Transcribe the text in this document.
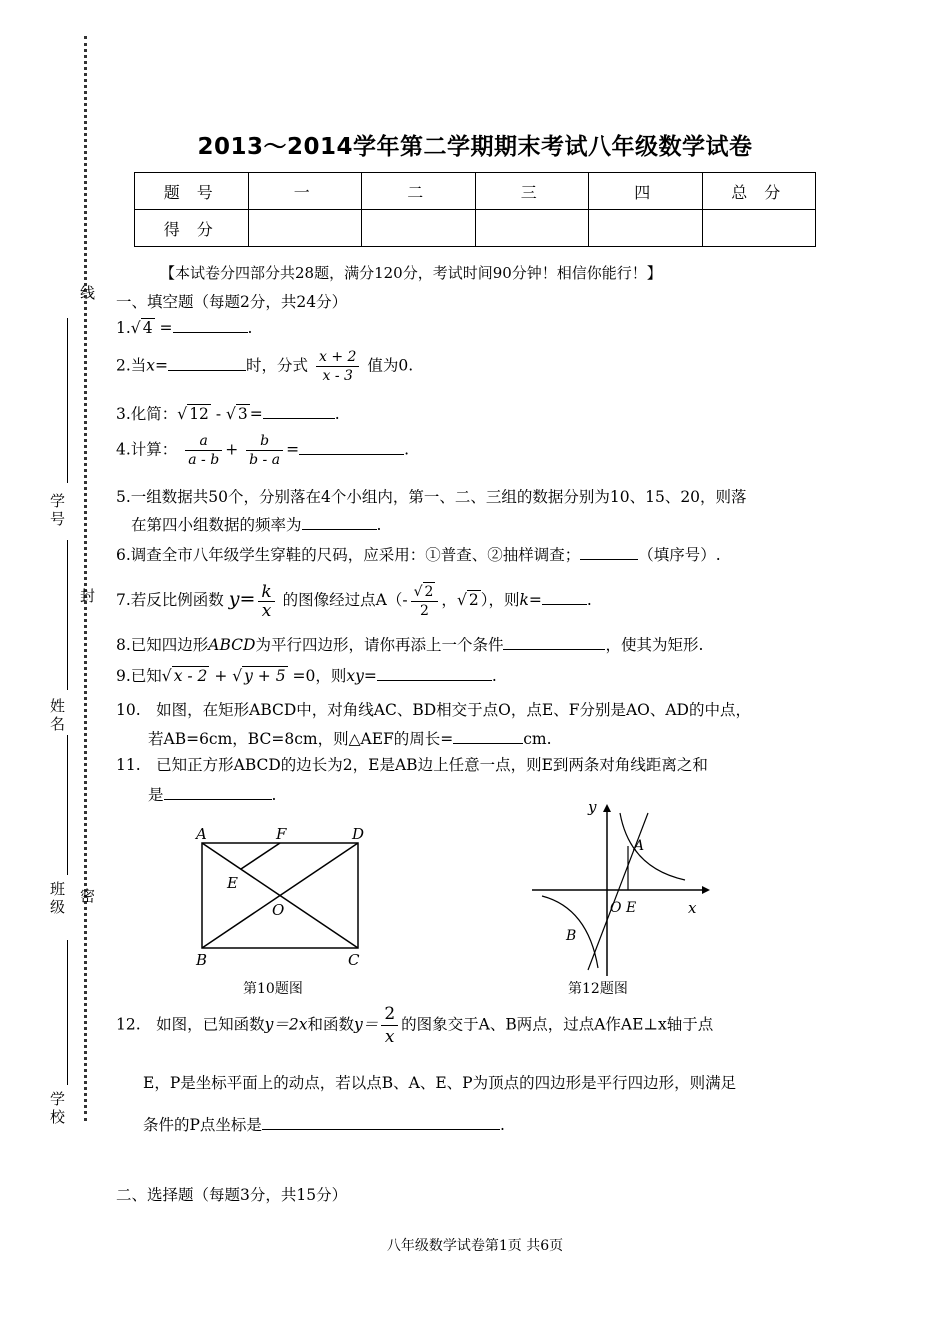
线
封
密
学号
姓名
班级
学校
2013～2014学年第二学期期末考试八年级数学试卷
题 号	一	二	三	四	总 分
得 分					
【本试卷分四部分共28题，满分120分，考试时间90分钟！相信你能行！】
一、填空题（每题2分，共24分）
1.√ 4 =	.
2.当x=	时，分式 $\frac{x + 2}{x - 3}$ 值为0.
3.化简：√ 12 - √ 3 =	.
4.计算： $\frac{a}{a - b} + \frac{b}{b - a}$ =	.
5.一组数据共50个，分别落在4个小组内，第一、二、三组的数据分别为10、15、20，则落
在第四小组数据的频率为	.
6.调查全市八年级学生穿鞋的尺码，应采用：①普查、②抽样调查；	（填序号）.
7.若反比例函数 $y= \frac{k}{x}$ 的图像经过点$A(- \frac{√ 2}{2}$ ，√ 2 ），则k=	.
8.已知四边形ABCD为平行四边形，请你再添上一个条件	，使其为矩形.
9.已知√ x - 2 + √ y + 5 =0，则xy=	.
10.　如图，在矩形ABCD中，对角线AC、BD相交于点O，点E、F分别是AO、AD的中点，
若AB=6cm，BC=8cm，则△AEF的周长=	cm.
11.　已知正方形ABCD的边长为2，E是AB边上任意一点，则E到两条对角线距离之和
是	.
A	F	D
E
O
B	C
第10题图
y
x
A
O E
B
第12题图
12.　如图，已知函数y＝2x和函数$y= \frac{2}{x}$ 的图象交于A、B两点，过点A作AE⊥x轴于点
E，P是坐标平面上的动点，若以点B、A、E、P为顶点的四边形是平行四边形，则满足
条件的P点坐标是	.
二、选择题（每题3分，共15分）
八年级数学试卷第1页 共6页
